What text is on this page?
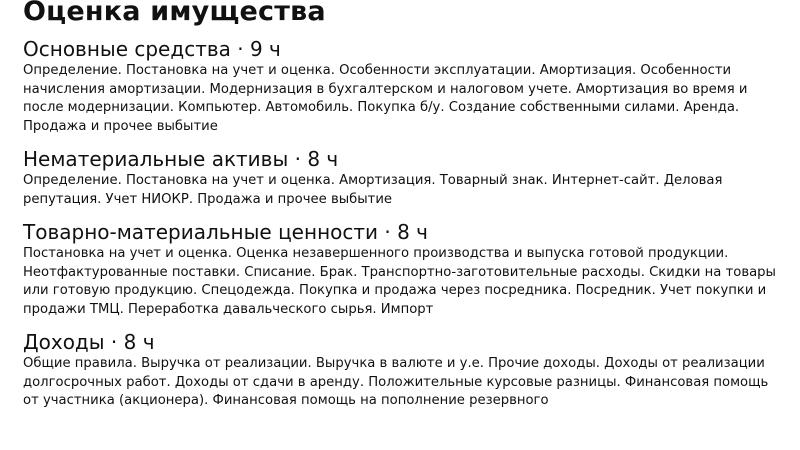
Оценка имущества
Основные средства · 9 ч

Определение. Постановка на учет и оценка. Особенности эксплуатации. Амортизация. Особенности начисления амортизации. Модернизация в бухгалтерском и налоговом учете. Амортизация во время и после модернизации. Компьютер. Автомобиль. Покупка б/у. Создание собственными силами. Аренда. Продажа и прочее выбытие

Нематериальные активы · 8 ч

Определение. Постановка на учет и оценка. Амортизация. Товарный знак. Интернет-сайт. Деловая репутация. Учет НИОКР. Продажа и прочее выбытие

Товарно-материальные ценности · 8 ч

Постановка на учет и оценка. Оценка незавершенного производства и выпуска готовой продукции. Неотфактурованные поставки. Списание. Брак. Транспортно-заготовительные расходы. Скидки на товары или готовую продукцию. Спецодежда. Покупка и продажа через посредника. Посредник. Учет покупки и продажи ТМЦ. Переработка давальческого сырья. Импорт

Доходы · 8 ч

Общие правила. Выручка от реализации. Выручка в валюте и у.е. Прочие доходы. Доходы от реализации долгосрочных работ. Доходы от сдачи в аренду. Положительные курсовые разницы. Финансовая помощь от участника (акционера). Финансовая помощь на пополнение резервного
